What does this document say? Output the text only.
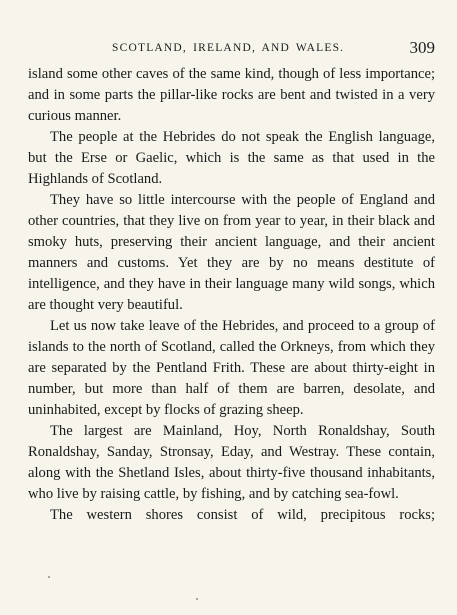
SCOTLAND, IRELAND, AND WALES.	309

island some other caves of the same kind, though of less importance; and in some parts the pillar-like rocks are bent and twisted in a very curious manner.

The people at the Hebrides do not speak the English language, but the Erse or Gaelic, which is the same as that used in the Highlands of Scotland.

They have so little intercourse with the people of England and other countries, that they live on from year to year, in their black and smoky huts, preserving their ancient language, and their ancient manners and customs. Yet they are by no means destitute of intelligence, and they have in their language many wild songs, which are thought very beautiful.

Let us now take leave of the Hebrides, and proceed to a group of islands to the north of Scotland, called the Orkneys, from which they are separated by the Pentland Frith. These are about thirty-eight in number, but more than half of them are barren, desolate, and uninhabited, except by flocks of grazing sheep.

The largest are Mainland, Hoy, North Ronaldshay, South Ronaldshay, Sanday, Stronsay, Eday, and Westray. These contain, along with the Shetland Isles, about thirty-five thousand inhabitants, who live by raising cattle, by fishing, and by catching sea-fowl.

The western shores consist of wild, precipitous rocks;
